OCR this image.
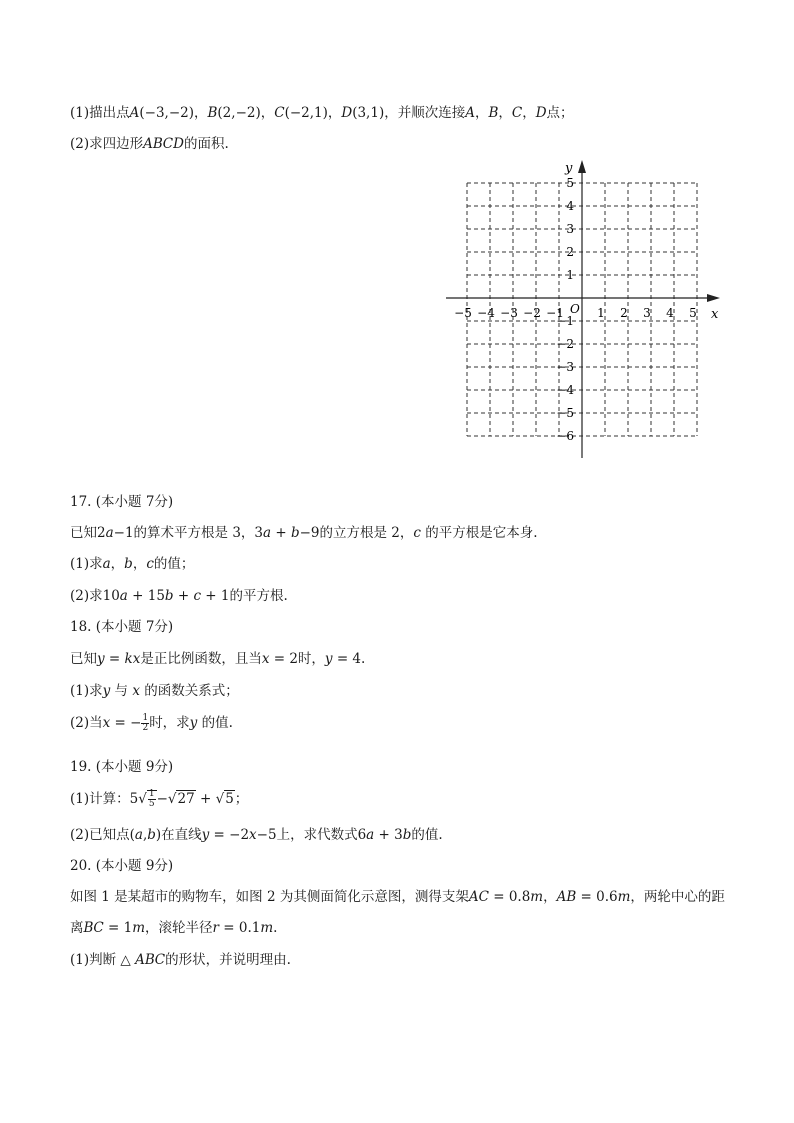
(1)描出点𝐴(−3,−2)，𝐵(2,−2)，𝐶(−2,1)，𝐷(3,1)，并顺次连接𝐴，𝐵，𝐶，𝐷点；
(2)求四边形𝐴𝐵𝐶𝐷的面积.
−5 −4 −3 −2 −1	1 2 3 4 5
5
4
3
2
1
−1
−2
−3
−4
−5
−6
𝑥
𝑦
𝑂
17. (本小题 7分)
已知2𝑎−1的算术平方根是 3，3𝑎 + 𝑏−9的立方根是 2，𝑐 的平方根是它本身.
(1)求𝑎，𝑏，𝑐的值；
(2)求10𝑎 + 15𝑏 + 𝑐 + 1的平方根.
18. (本小题 7分)
已知𝑦 = 𝑘𝑥是正比例函数，且当𝑥 = 2时，𝑦 = 4.
(1)求𝑦 与 𝑥 的函数关系式；
(2)当𝑥 = − $\frac{1}{2}$ 时，求𝑦 的值.
19. (本小题 9分)
(1)计算：$5√ \frac{1}{5} -√27 + √5$；
(2)已知点(𝑎,𝑏)在直线𝑦 = −2𝑥−5上，求代数式6𝑎 + 3𝑏的值.
20. (本小题 9分)
如图 1 是某超市的购物车，如图 2 为其侧面简化示意图，测得支架𝐴𝐶 = 0.8𝑚，𝐴𝐵 = 0.6𝑚，两轮中心的距
离𝐵𝐶 = 1𝑚，滚轮半径𝑟 = 0.1𝑚.
(1)判断 △ 𝐴𝐵𝐶的形状，并说明理由.
